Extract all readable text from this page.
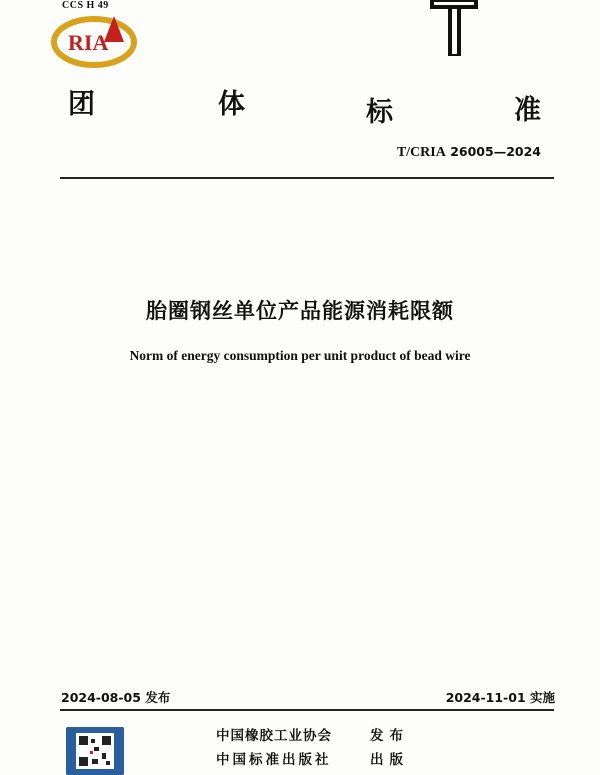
CCS H 49
RIA
团	体	标	准
T/CRIA 26005—2024
胎圈钢丝单位产品能源消耗限额
Norm of energy consumption per unit product of bead wire
2024-08-05 发布	2024-11-01 实施
中国橡胶工业协会	发布
中国标准出版社	出版
